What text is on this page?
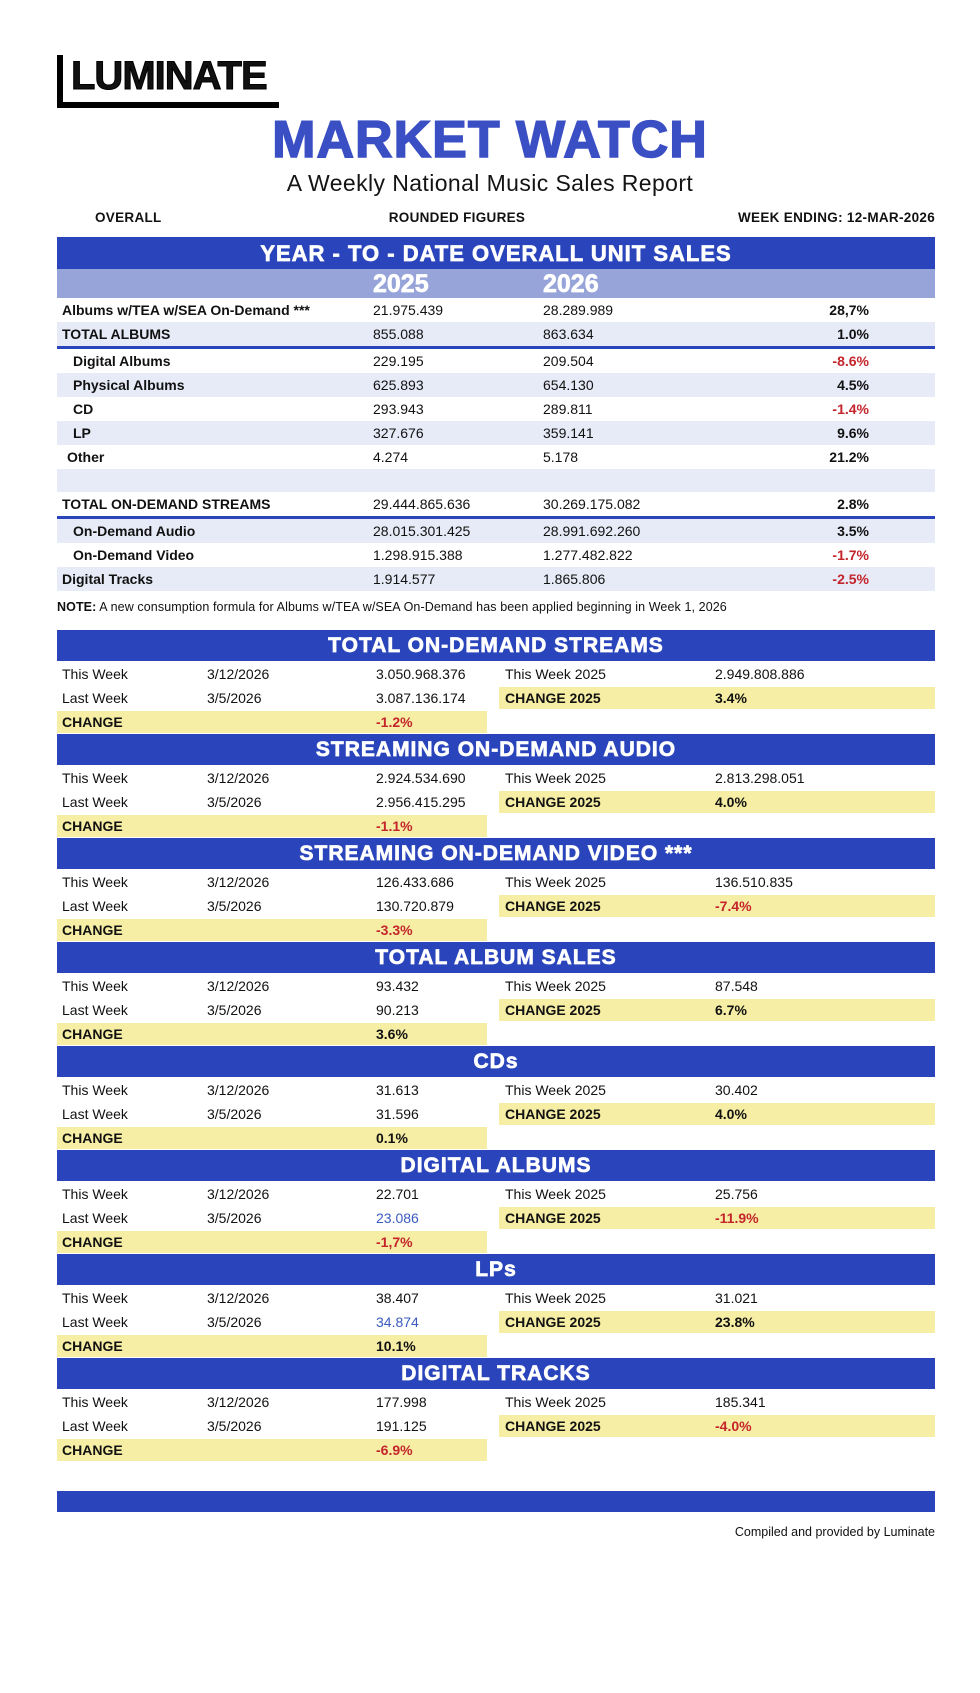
LUMINATE
MARKET WATCH
A Weekly National Music Sales Report
OVERALL	ROUNDED FIGURES	WEEK ENDING: 12-MAR-2026
YEAR - TO - DATE OVERALL UNIT SALES
2025	2026
Albums w/TEA w/SEA On-Demand ***	21.975.439	28.289.989	28,7%
TOTAL ALBUMS	855.088	863.634	1.0%
Digital Albums	229.195	209.504	-8.6%
Physical Albums	625.893	654.130	4.5%
CD	293.943	289.811	-1.4%
LP	327.676	359.141	9.6%
Other	4.274	5.178	21.2%
TOTAL ON-DEMAND STREAMS	29.444.865.636	30.269.175.082	2.8%
On-Demand Audio	28.015.301.425	28.991.692.260	3.5%
On-Demand Video	1.298.915.388	1.277.482.822	-1.7%
Digital Tracks	1.914.577	1.865.806	-2.5%
NOTE: A new consumption formula for Albums w/TEA w/SEA On-Demand has been applied beginning in Week 1, 2026
TOTAL ON-DEMAND STREAMS
This Week	3/12/2026	3.050.968.376	This Week 2025	2.949.808.886
Last Week	3/5/2026	3.087.136.174	CHANGE 2025	3.4%
CHANGE	-1.2%
STREAMING ON-DEMAND AUDIO
This Week	3/12/2026	2.924.534.690	This Week 2025	2.813.298.051
Last Week	3/5/2026	2.956.415.295	CHANGE 2025	4.0%
CHANGE	-1.1%
STREAMING ON-DEMAND VIDEO ***
This Week	3/12/2026	126.433.686	This Week 2025	136.510.835
Last Week	3/5/2026	130.720.879	CHANGE 2025	-7.4%
CHANGE	-3.3%
TOTAL ALBUM SALES
This Week	3/12/2026	93.432	This Week 2025	87.548
Last Week	3/5/2026	90.213	CHANGE 2025	6.7%
CHANGE	3.6%
CDs
This Week	3/12/2026	31.613	This Week 2025	30.402
Last Week	3/5/2026	31.596	CHANGE 2025	4.0%
CHANGE	0.1%
DIGITAL ALBUMS
This Week	3/12/2026	22.701	This Week 2025	25.756
Last Week	3/5/2026	23.086	CHANGE 2025	-11.9%
CHANGE	-1,7%
LPs
This Week	3/12/2026	38.407	This Week 2025	31.021
Last Week	3/5/2026	34.874	CHANGE 2025	23.8%
CHANGE	10.1%
DIGITAL TRACKS
This Week	3/12/2026	177.998	This Week 2025	185.341
Last Week	3/5/2026	191.125	CHANGE 2025	-4.0%
CHANGE	-6.9%
Compiled and provided by Luminate
